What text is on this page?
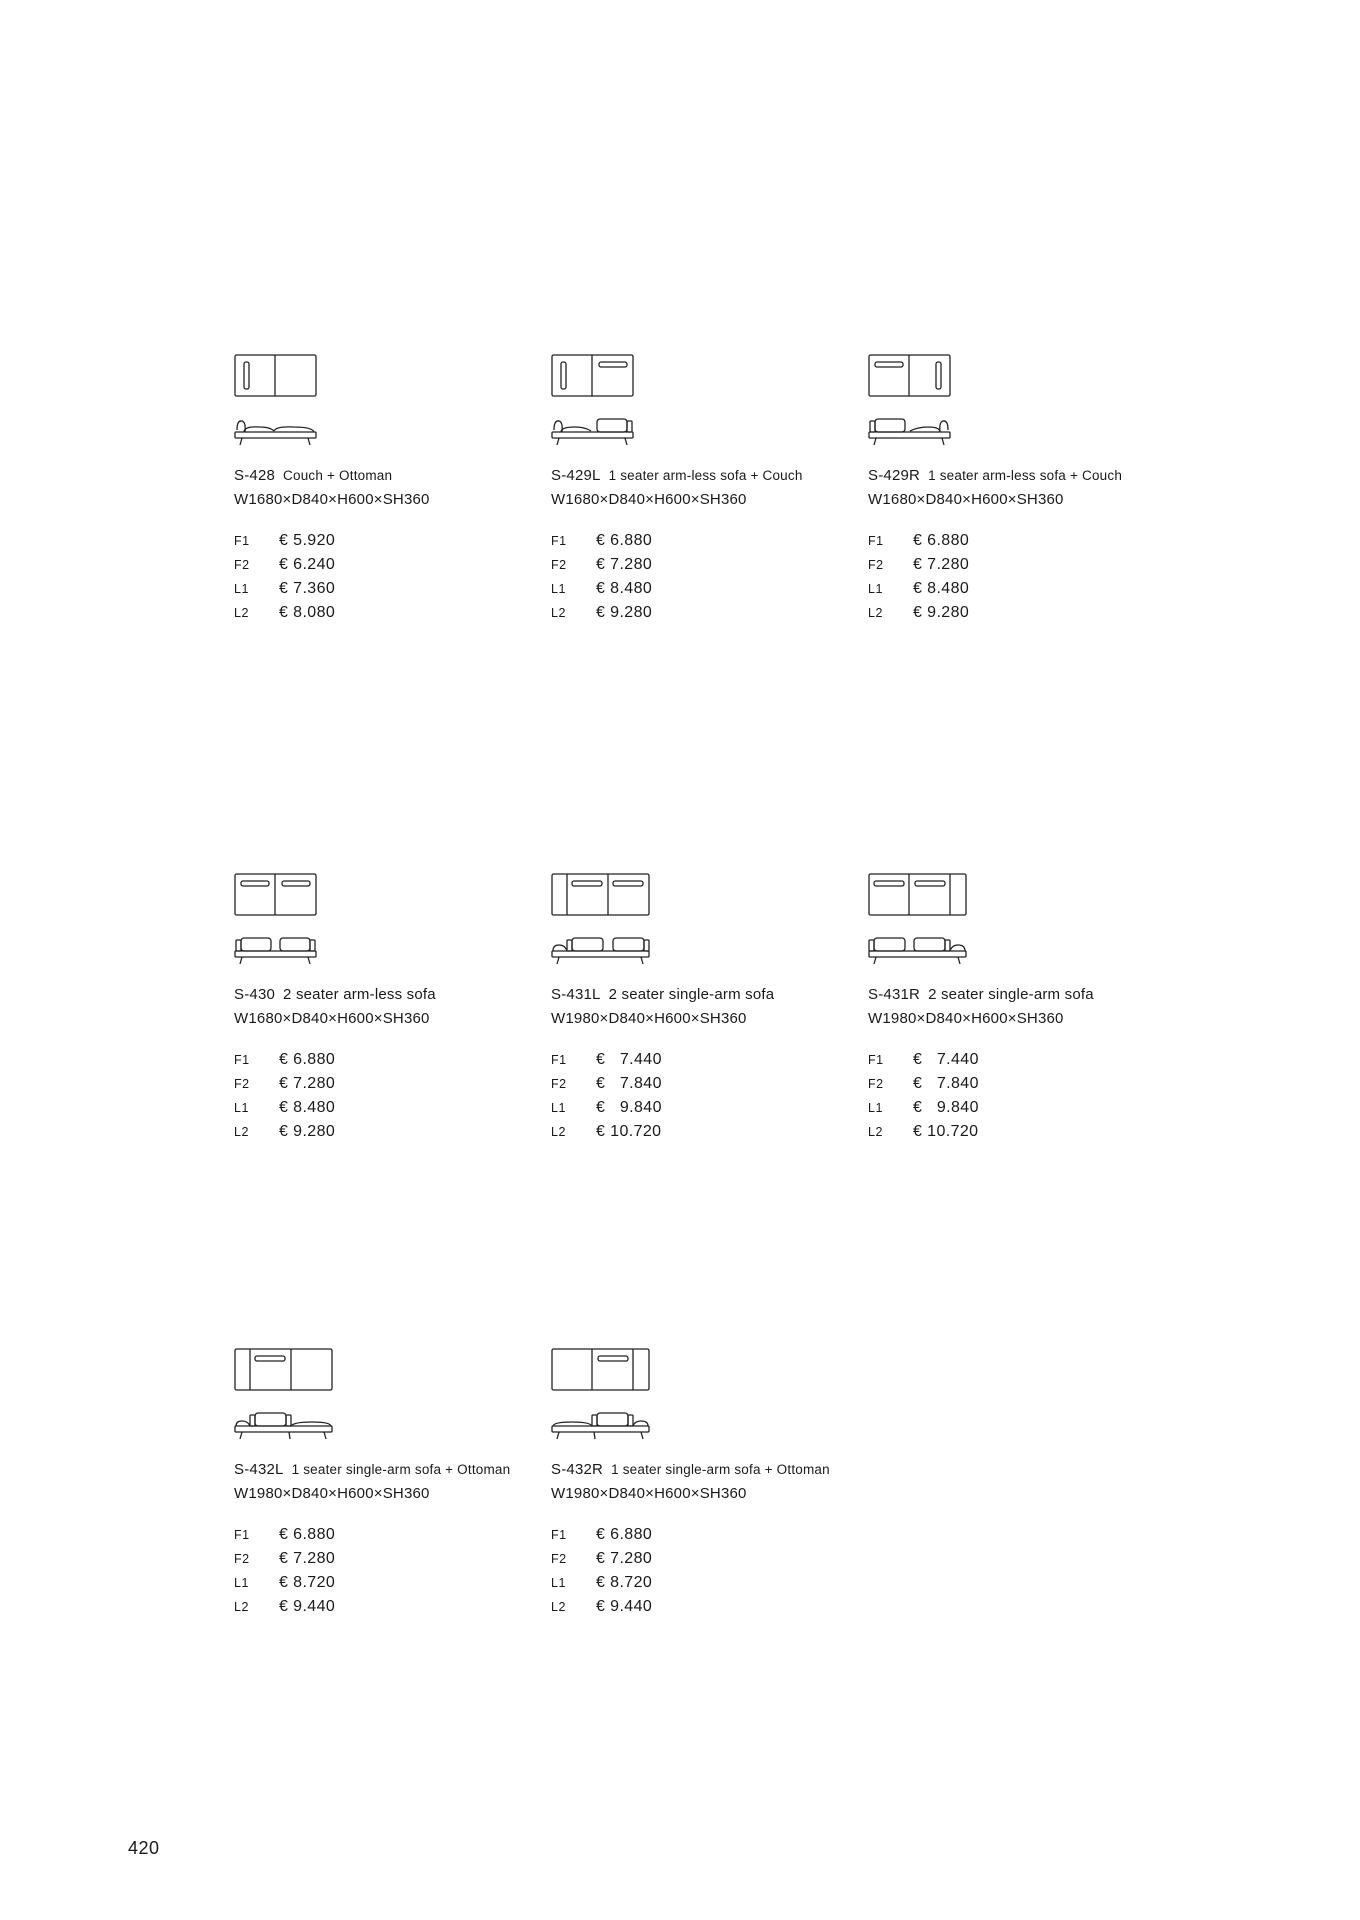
S-428 Couch + Ottoman
W1680×D840×H600×SH360
F1	€ 5.920
F2	€ 6.240
L1	€ 7.360
L2	€ 8.080
S-429L 1 seater arm-less sofa + Couch
W1680×D840×H600×SH360
F1	€ 6.880
F2	€ 7.280
L1	€ 8.480
L2	€ 9.280
S-429R 1 seater arm-less sofa + Couch
W1680×D840×H600×SH360
F1	€ 6.880
F2	€ 7.280
L1	€ 8.480
L2	€ 9.280
S-430 2 seater arm-less sofa
W1680×D840×H600×SH360
F1	€ 6.880
F2	€ 7.280
L1	€ 8.480
L2	€ 9.280
S-431L 2 seater single-arm sofa
W1980×D840×H600×SH360
F1	€   7.440
F2	€   7.840
L1	€   9.840
L2	€ 10.720
S-431R 2 seater single-arm sofa
W1980×D840×H600×SH360
F1	€   7.440
F2	€   7.840
L1	€   9.840
L2	€ 10.720
S-432L 1 seater single-arm sofa + Ottoman
W1980×D840×H600×SH360
F1	€ 6.880
F2	€ 7.280
L1	€ 8.720
L2	€ 9.440
S-432R 1 seater single-arm sofa + Ottoman
W1980×D840×H600×SH360
F1	€ 6.880
F2	€ 7.280
L1	€ 8.720
L2	€ 9.440
420
